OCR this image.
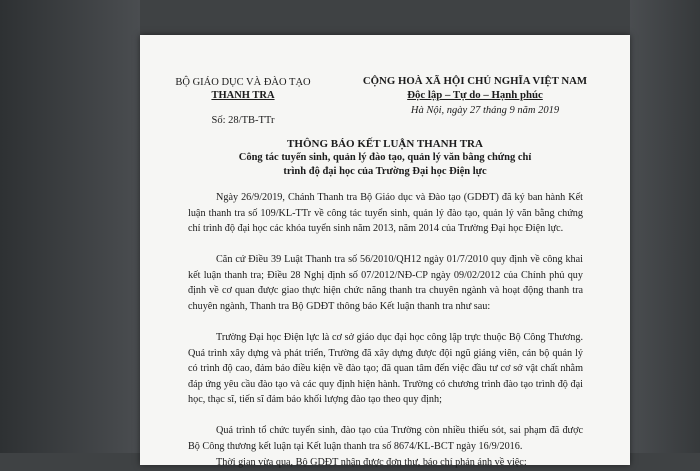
BỘ GIÁO DỤC VÀ ĐÀO TẠO
THANH TRA
Số: 28/TB-TTr
CỘNG HOÀ XÃ HỘI CHỦ NGHĨA VIỆT NAM
Độc lập – Tự do – Hạnh phúc
Hà Nội, ngày 27 tháng 9 năm 2019
THÔNG BÁO KẾT LUẬN THANH TRA
Công tác tuyển sinh, quản lý đào tạo, quản lý văn bằng chứng chỉ
trình độ đại học của Trường Đại học Điện lực

Ngày 26/9/2019, Chánh Thanh tra Bộ Giáo dục và Đào tạo (GDĐT) đã ký ban hành Kết luận thanh tra số 109/KL-TTr về công tác tuyển sinh, quản lý đào tạo, quản lý văn bằng chứng chỉ trình độ đại học các khóa tuyển sinh năm 2013, năm 2014 của Trường Đại học Điện lực.

Căn cứ Điều 39 Luật Thanh tra số 56/2010/QH12 ngày 01/7/2010 quy định về công khai kết luận thanh tra; Điều 28 Nghị định số 07/2012/NĐ-CP ngày 09/02/2012 của Chính phủ quy định về cơ quan được giao thực hiện chức năng thanh tra chuyên ngành và hoạt động thanh tra chuyên ngành, Thanh tra Bộ GDĐT thông báo Kết luận thanh tra như sau:

Trường Đại học Điện lực là cơ sở giáo dục đại học công lập trực thuộc Bộ Công Thương. Quá trình xây dựng và phát triển, Trường đã xây dựng được đội ngũ giảng viên, cán bộ quản lý có trình độ cao, đảm bảo điều kiện về đào tạo; đã quan tâm đến việc đầu tư cơ sở vật chất nhằm đáp ứng yêu cầu đào tạo và các quy định hiện hành. Trường có chương trình đào tạo trình độ đại học, thạc sĩ, tiến sĩ đảm bảo khối lượng đào tạo theo quy định;

Quá trình tổ chức tuyển sinh, đào tạo của Trường còn nhiều thiếu sót, sai phạm đã được Bộ Công thương kết luận tại Kết luận thanh tra số 8674/KL-BCT ngày 16/9/2016.

Thời gian vừa qua, Bộ GDĐT nhận được đơn thư, báo chí phản ánh về việc:
